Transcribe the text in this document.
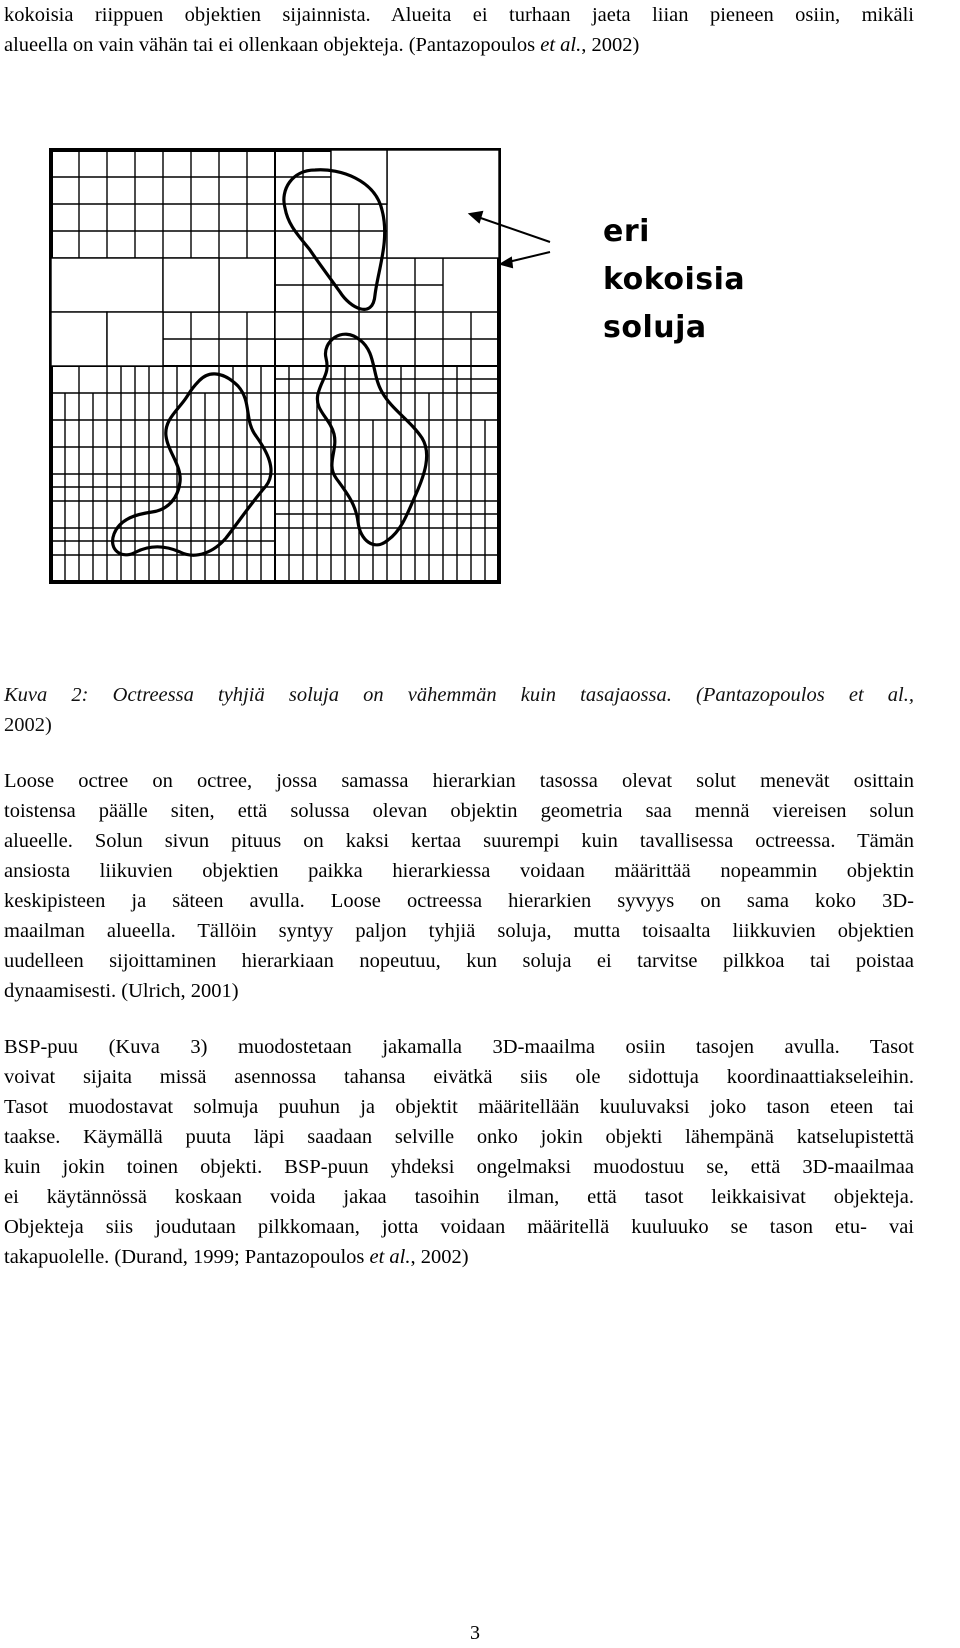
kokoisia riippuen objektien sijainnista. Alueita ei turhaan jaeta liian pieneen osiin, mikäli
alueella on vain vähän tai ei ollenkaan objekteja. (Pantazopoulos et al., 2002)
eri
kokoisia
soluja
Kuva 2: Octreessa tyhjiä soluja on vähemmän kuin tasajaossa. (Pantazopoulos et al.,
2002)
Loose octree on octree, jossa samassa hierarkian tasossa olevat solut menevät osittain
toistensa päälle siten, että solussa olevan objektin geometria saa mennä viereisen solun
alueelle. Solun sivun pituus on kaksi kertaa suurempi kuin tavallisessa octreessa. Tämän
ansiosta liikuvien objektien paikka hierarkiessa voidaan määrittää nopeammin objektin
keskipisteen ja säteen avulla. Loose octreessa hierarkien syvyys on sama koko 3D-
maailman alueella. Tällöin syntyy paljon tyhjiä soluja, mutta toisaalta liikkuvien objektien
uudelleen sijoittaminen hierarkiaan nopeutuu, kun soluja ei tarvitse pilkkoa tai poistaa
dynaamisesti. (Ulrich, 2001)
BSP-puu (Kuva 3) muodostetaan jakamalla 3D-maailma osiin tasojen avulla. Tasot
voivat sijaita missä asennossa tahansa eivätkä siis ole sidottuja koordinaattiakseleihin.
Tasot muodostavat solmuja puuhun ja objektit määritellään kuuluvaksi joko tason eteen tai
taakse. Käymällä puuta läpi saadaan selville onko jokin objekti lähempänä katselupistettä
kuin jokin toinen objekti. BSP-puun yhdeksi ongelmaksi muodostuu se, että 3D-maailmaa
ei käytännössä koskaan voida jakaa tasoihin ilman, että tasot leikkaisivat objekteja.
Objekteja siis joudutaan pilkkomaan, jotta voidaan määritellä kuuluuko se tason etu- vai
takapuolelle. (Durand, 1999; Pantazopoulos et al., 2002)
3
